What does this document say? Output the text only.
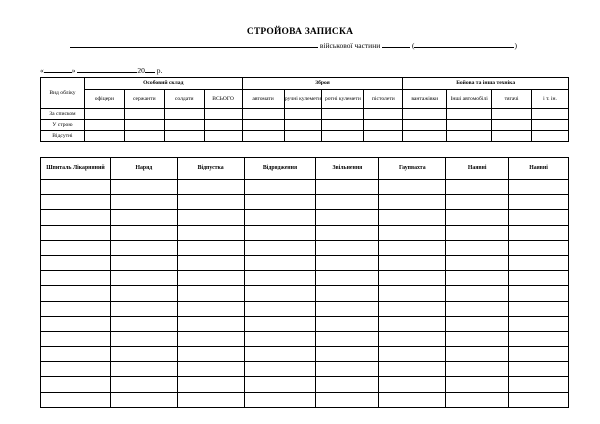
СТРОЙОВА ЗАПИСКА
військової частини	(	)
«	»	20 р.
Вид обліку	Особовий склад				Зброя				Бойова та інша техніка			
	офіцери	сержанти	солдати	ВСЬОГО	автомати	ручні кулемети	ротні кулемети	пістолети	вантажівки	Інші автомобілі	тягачі	і т. ін.
За списком												
У строю												
Відсутні												
Шпиталь Лікарняний	Наряд	Відпустка	Відрядження	Звільнення	Гаупвахта	Наявні	Наявні
